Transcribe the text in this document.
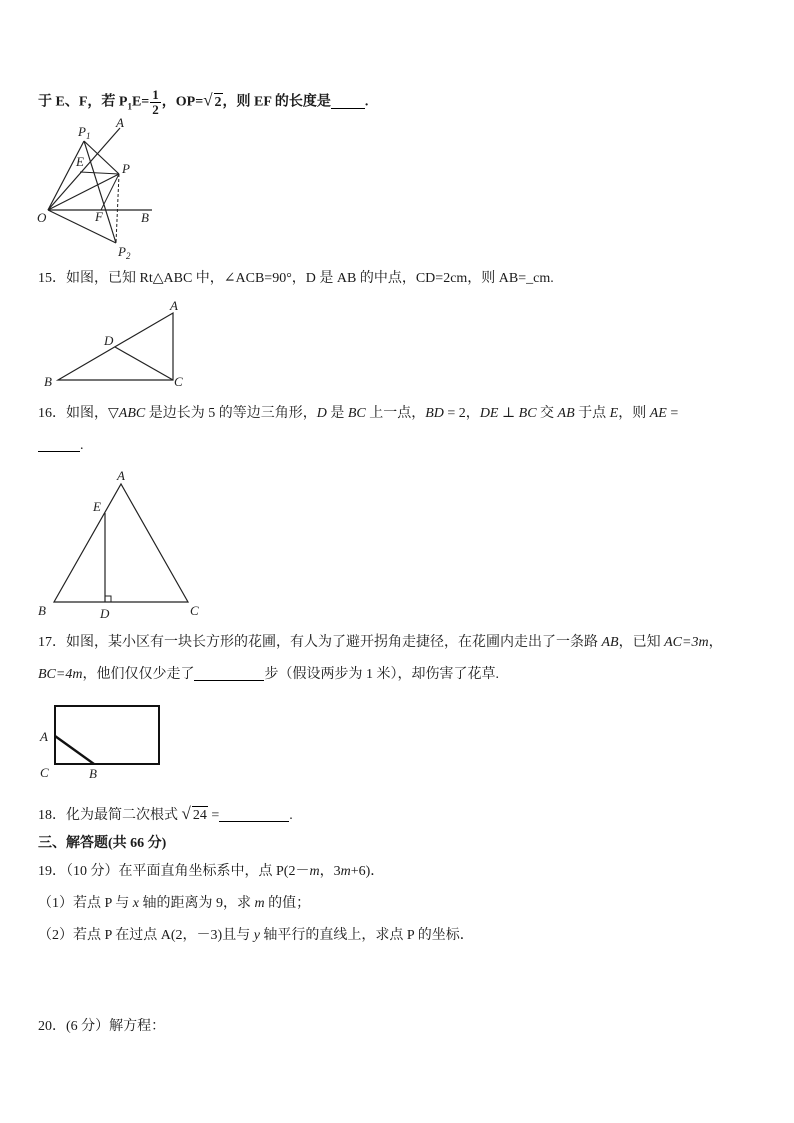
于 E、F，若 $P_1E= \frac{1}{2}$ ，OP=√ 2，则 EF 的长度是 .
A
$P_1$
E	P
O	F	B
$P_2$
15．如图，已知 Rt△ABC 中，∠ACB=90°，D 是 AB 的中点，CD=2cm，则 AB=_cm.
A
D
B	C
16．如图，▽ABC 是边长为 5 的等边三角形，D 是 BC 上一点，BD = 2，DE ⊥ BC 交 AB 于点 E，则 AE =
.
A
E
B	D	C
17．如图，某小区有一块长方形的花圃，有人为了避开拐角走捷径，在花圃内走出了一条路 AB，已知 AC=3m，
BC=4m，他们仅仅少走了	步（假设两步为 1 米），却伤害了花草.
A
C	B
18．化为最简二次根式 √ 24 =	.
三、解答题(共 66 分)
19．（10 分）在平面直角坐标系中，点 P(2－m，3m+6)．
（1）若点 P 与 x 轴的距离为 9，求 m 的值；
（2）若点 P 在过点 A(2，－3)且与 y 轴平行的直线上，求点 P 的坐标．
20．(6 分）解方程：
